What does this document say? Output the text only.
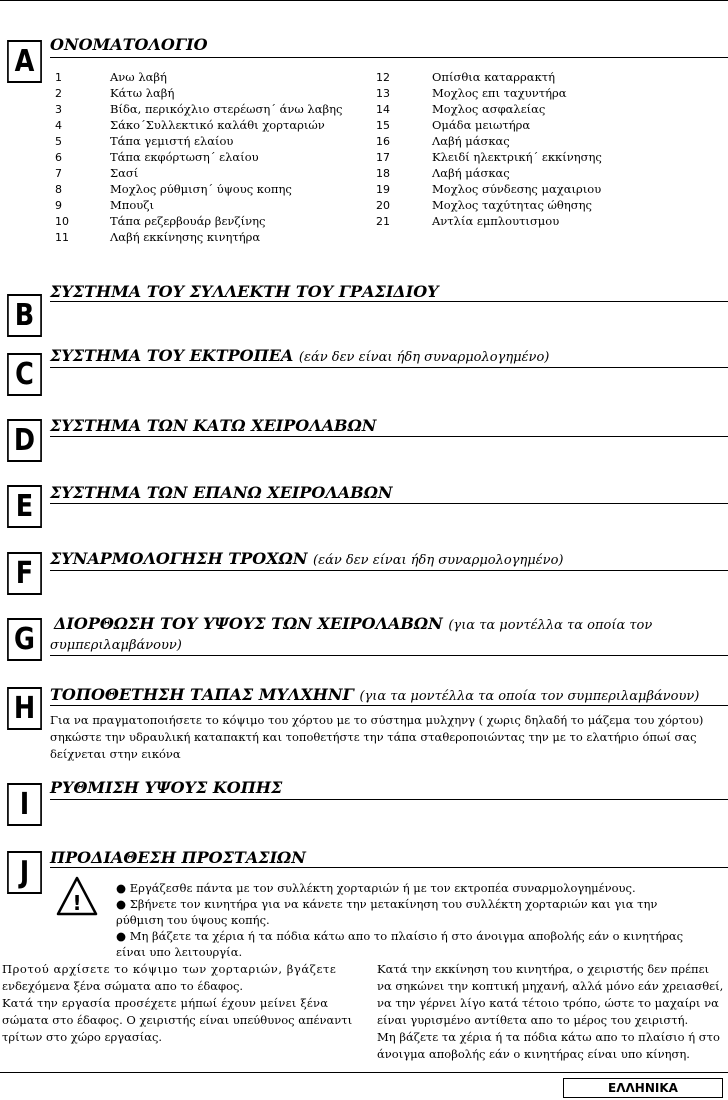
A ΟΝΟΜΑΤΟΛΟΓΙΟ
1	Ανω λαβή
2	Κάτω λαβή
3	Βίδα, περικόχλιο στερέωση΄ άνω λαβης
4	Σάκο΄Συλλεκτικό καλάθι χορταριών
5	Τάπα γεμιστή ελαίου
6	Τάπα εκφόρτωση΄ ελαίου
7	Σασί
8	Μοχλος ρύθμιση΄ ύψους κοπης
9	Μπουζι
10	Τάπα ρεζερβουάρ βενζίνης
11	Λαβή εκκίνησης κινητήρα
12	Οπίσθια καταρρακτή
13	Μοχλος επι ταχυντήρα
14	Μοχλος ασφαλείας
15	Ομάδα μειωτήρα
16	Λαβή μάσκας
17	Κλειδί ηλεκτρική΄ εκκίνησης
18	Λαβή μάσκας
19	Μοχλος σύνδεσης μαχαιριου
20	Μοχλος ταχύτητας ώθησης
21	Αντλία εμπλουτισμου
B
ΣΥΣΤΗΜΑ ΤΟΥ ΣΥΛΛΕΚΤΗ ΤΟΥ ΓΡΑΣΙΔΙΟΥ
C
ΣΥΣΤΗΜΑ ΤΟΥ ΕΚΤΡΟΠΕΑ (εάν δεν είναι ήδη συναρμολογημένο)
D ΣΥΣΤΗΜΑ ΤΩΝ ΚΑΤΩ ΧΕΙΡΟΛΑΒΩΝ
E	ΣΥΣΤΗΜΑ ΤΩΝ ΕΠΑΝΩ ΧΕΙΡΟΛΑΒΩΝ
F	ΣΥΝΑΡΜΟΛΟΓΗΣΗ ΤΡΟΧΩΝ (εάν δεν είναι ήδη συναρμολογημένο)
G	ΔΙΟΡΘΩΣΗ ΤΟΥ ΥΨΟΥΣ ΤΩΝ ΧΕΙΡΟΛΑΒΩΝ (για τα μοντέλλα τα οποία τον
συμπεριλαμβάνουν)
H ΤΟΠΟΘΕΤΗΣΗ ΤΑΠΑΣ ΜΥΛΧΗΝΓ (για τα μοντέλλα τα οποία τον συμπεριλαμβάνουν)
Για να πραγματοποιήσετε το κόψιμο του χόρτου με το σύστημα μυλχηνγ ( χωρις δηλαδή το μάζεμα του χόρτου)
σηκώστε την υδραυλική καταπακτή και τοποθετήστε την τάπα σταθεροποιώντας την με το ελατήριο όπωί σας
δείχνεται στην εικόνα
I	ΡΥΘΜΙΣΗ ΥΨΟΥΣ ΚΟΠΗΣ
J	ΠΡΟΔΙΑΘΕΣΗ ΠΡΟΣΤΑΣΙΩΝ
!
● Εργάζεσθε πάντα με τον συλλέκτη χορταριών ή με τον εκτροπέα συναρμολογημένους.
● Σβήνετε τον κινητήρα για να κάνετε την μετακίνηση του συλλέκτη χορταριών και για την
ρύθμιση του ύψους κοπής.
● Μη βάζετε τα χέρια ή τα πόδια κάτω απο το πλαίσιο ή στο άνοιγμα αποβολής εάν ο κινητήρας
είναι υπο λειτουργία.
Προτού αρχίσετε το κόψιμο των χορταριών, βγάζετε
ενδεχόμενα ξένα σώματα απο το έδαφος.
Κατά την εργασία προσέχετε μήπωί έχουν μείνει ξένα
σώματα στο έδαφος. Ο χειριστής είναι υπεύθυνος απέναντι
τρίτων στο χώρο εργασίας.
Κατά την εκκίνηση του κινητήρα, ο χειριστής δεν πρέπει
να σηκώνει την κοπτική μηχανή, αλλά μόνο εάν χρειασθεί,
να την γέρνει λίγο κατά τέτοιο τρόπο, ώστε το μαχαίρι να
είναι γυρισμένο αντίθετα απο το μέρος του χειριστή.
Μη βάζετε τα χέρια ή τα πόδια κάτω απο το πλαίσιο ή στο
άνοιγμα αποβολής εάν ο κινητήρας είναι υπο κίνηση.
ΕΛΛΗΝΙΚΑ
